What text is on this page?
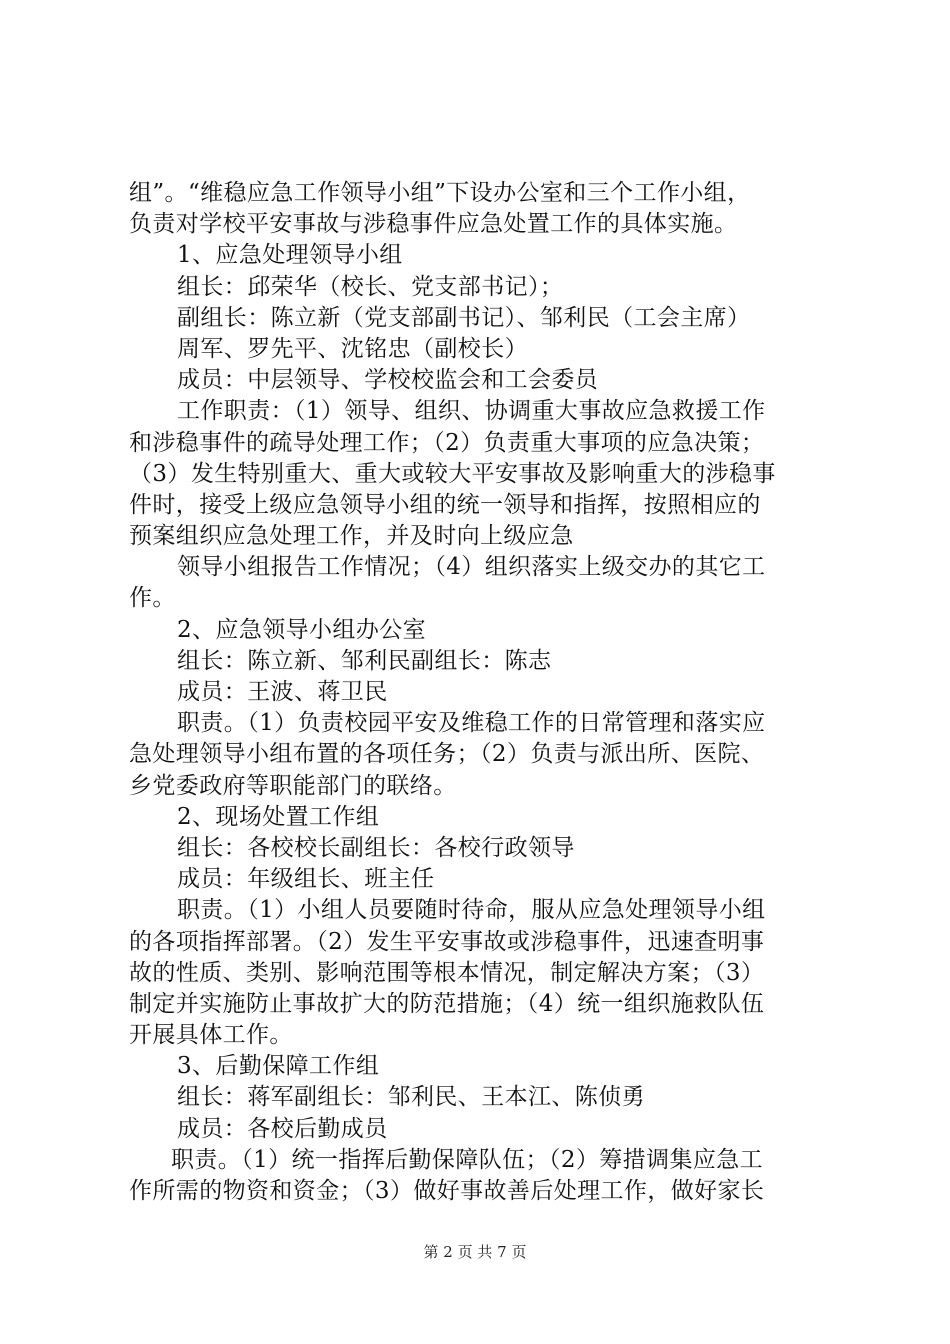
组”。“维稳应急工作领导小组”下设办公室和三个工作小组，
负责对学校平安事故与涉稳事件应急处置工作的具体实施。
1、应急处理领导小组
组长：邱荣华（校长、党支部书记）；
副组长：陈立新（党支部副书记）、邹利民（工会主席）
周军、罗先平、沈铭忠（副校长）
成员：中层领导、学校校监会和工会委员
工作职责：（1）领导、组织、协调重大事故应急救援工作
和涉稳事件的疏导处理工作；（2）负责重大事项的应急决策；
（3）发生特别重大、重大或较大平安事故及影响重大的涉稳事
件时，接受上级应急领导小组的统一领导和指挥，按照相应的
预案组织应急处理工作，并及时向上级应急
领导小组报告工作情况；（4）组织落实上级交办的其它工
作。
2、应急领导小组办公室
组长：陈立新、邹利民副组长：陈志
成员：王波、蒋卫民
职责。（1）负责校园平安及维稳工作的日常管理和落实应
急处理领导小组布置的各项任务；（2）负责与派出所、医院、
乡党委政府等职能部门的联络。
2、现场处置工作组
组长：各校校长副组长：各校行政领导
成员：年级组长、班主任
职责。（1）小组人员要随时待命，服从应急处理领导小组
的各项指挥部署。（2）发生平安事故或涉稳事件，迅速查明事
故的性质、类别、影响范围等根本情况，制定解决方案；（3）
制定并实施防止事故扩大的防范措施；（4）统一组织施救队伍
开展具体工作。
3、后勤保障工作组
组长：蒋军副组长：邹利民、王本江、陈侦勇
成员：各校后勤成员
职责。（1）统一指挥后勤保障队伍；（2）筹措调集应急工
作所需的物资和资金；（3）做好事故善后处理工作，做好家长
第 2 页 共 7 页
